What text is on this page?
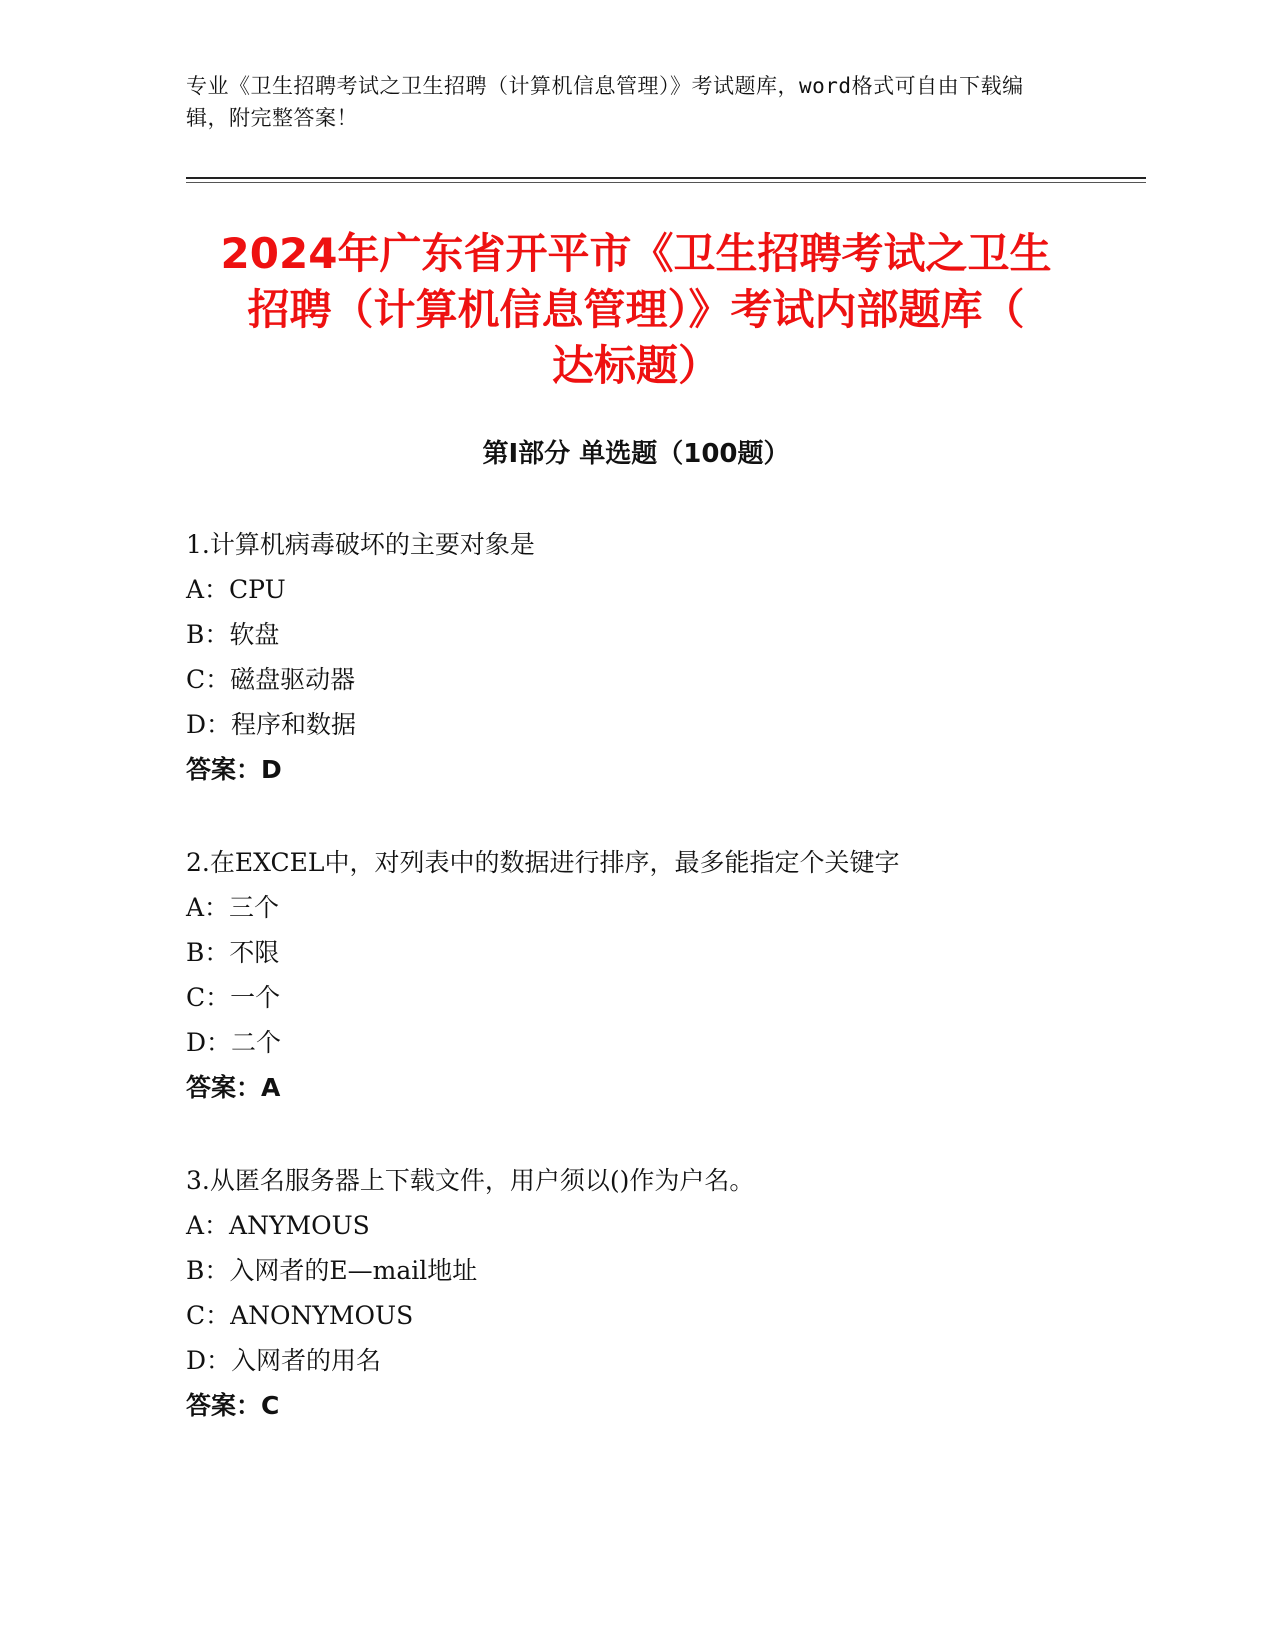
专业《卫生招聘考试之卫生招聘（计算机信息管理）》考试题库，word格式可自由下载编辑，附完整答案！
2024年广东省开平市《卫生招聘考试之卫生
招聘（计算机信息管理）》考试内部题库（
达标题）
第Ⅰ部分 单选题（100题）
1.计算机病毒破坏的主要对象是
A：CPU
B：软盘
C：磁盘驱动器
D：程序和数据
答案：D
2.在EXCEL中，对列表中的数据进行排序，最多能指定个关键字
A：三个
B：不限
C：一个
D：二个
答案：A
3.从匿名服务器上下载文件，用户须以()作为户名。
A：ANYMOUS
B：入网者的E—mail地址
C：ANONYMOUS
D：入网者的用名
答案：C
